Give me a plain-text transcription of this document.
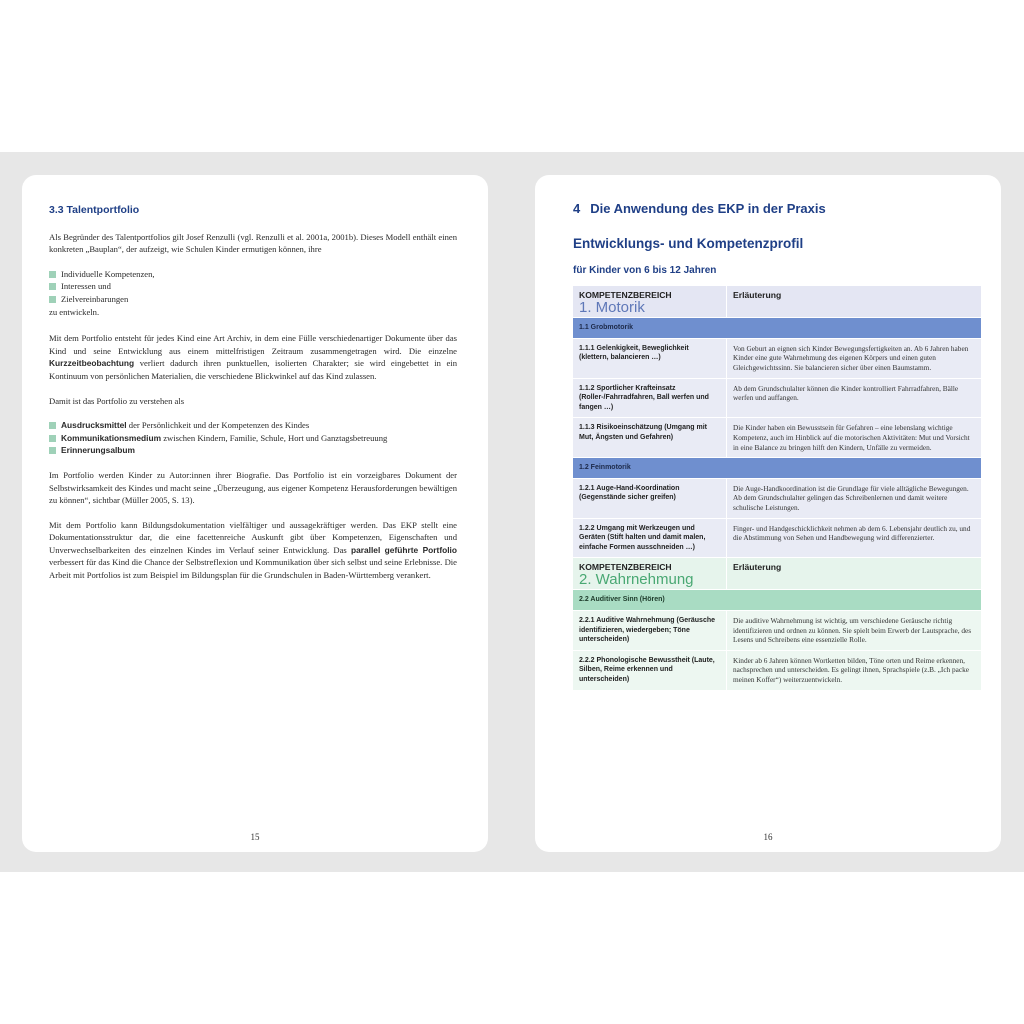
3.3 Talentportfolio

Als Begründer des Talentportfolios gilt Josef Renzulli (vgl. Renzulli et al. 2001a, 2001b). Dieses Modell enthält einen konkreten „Bauplan“, der aufzeigt, wie Schulen Kinder ermutigen können, ihre

Individuelle Kompetenzen,
Interessen und
Zielvereinbarungen
zu entwickeln.

Mit dem Portfolio entsteht für jedes Kind eine Art Archiv, in dem eine Fülle verschiedenartiger Dokumente über das Kind und seine Entwicklung aus einem mittelfristigen Zeitraum zusammengetragen wird. Die einzelne Kurzzeitbeobachtung verliert dadurch ihren punktuellen, isolierten Charakter; sie wird eingebettet in ein Kontinuum von persönlichen Materialien, die verschiedene Blickwinkel auf das Kind zulassen.

Damit ist das Portfolio zu verstehen als

Ausdrucksmittel der Persönlichkeit und der Kompetenzen des Kindes
Kommunikationsmedium zwischen Kindern, Familie, Schule, Hort und Ganztagsbetreuung
Erinnerungsalbum

Im Portfolio werden Kinder zu Autor:innen ihrer Biografie. Das Portfolio ist ein vorzeigbares Dokument der Selbstwirksamkeit des Kindes und macht seine „Überzeugung, aus eigener Kompetenz Herausforderungen bewältigen zu können“, sichtbar (Müller 2005, S. 13).

Mit dem Portfolio kann Bildungsdokumentation vielfältiger und aussagekräftiger werden. Das EKP stellt eine Dokumentationsstruktur dar, die eine facettenreiche Auskunft gibt über Kompetenzen, Eigenschaften und Unverwechselbarkeiten des einzelnen Kindes im Verlauf seiner Entwicklung. Das parallel geführte Portfolio verbessert für das Kind die Chance der Selbstreflexion und Kommunikation über sich selbst und seine Erlebnisse. Die Arbeit mit Portfolios ist zum Beispiel im Bildungsplan für die Grundschulen in Baden-Württemberg verankert.

15
4 Die Anwendung des EKP in der Praxis
Entwicklungs- und Kompetenzprofil
für Kinder von 6 bis 12 Jahren
KOMPETENZBEREICH
1. Motorik	Erläuterung
1.1 Grobmotorik	
1.1.1 Gelenkigkeit, Beweglichkeit (klettern, balancieren …)	Von Geburt an eignen sich Kinder Bewegungsfertigkeiten an. Ab 6 Jahren haben Kinder eine gute Wahrnehmung des eigenen Körpers und einen guten Gleichgewichtssinn. Sie balancieren sicher über einen Baumstamm.
1.1.2 Sportlicher Krafteinsatz (Roller-/Fahrradfahren, Ball werfen und fangen …)	Ab dem Grundschulalter können die Kinder kontrolliert Fahrradfahren, Bälle werfen und auffangen.
1.1.3 Risikoeinschätzung (Umgang mit Mut, Ängsten und Gefahren)	Die Kinder haben ein Bewusstsein für Gefahren – eine lebenslang wichtige Kompetenz, auch im Hinblick auf die motorischen Aktivitäten: Mut und Vorsicht in eine Balance zu bringen hilft den Kindern, Unfälle zu vermeiden.
1.2 Feinmotorik	
1.2.1 Auge-Hand-Koordination (Gegenstände sicher greifen)	Die Auge-Handkoordination ist die Grundlage für viele alltägliche Bewegungen. Ab dem Grundschulalter gelingen das Schreibenlernen und damit weitere schulische Leistungen.
1.2.2 Umgang mit Werkzeugen und Geräten (Stift halten und damit malen, einfache Formen ausschneiden …)	Finger- und Handgeschicklichkeit nehmen ab dem 6. Lebensjahr deutlich zu, und die Abstimmung von Sehen und Handbewegung wird differenzierter.
KOMPETENZBEREICH
2. Wahrnehmung	Erläuterung
2.2 Auditiver Sinn (Hören)	
2.2.1 Auditive Wahrnehmung (Geräusche identifizieren, wiedergeben; Töne unterscheiden)	Die auditive Wahrnehmung ist wichtig, um verschiedene Geräusche richtig identifizieren und ordnen zu können. Sie spielt beim Erwerb der Lautsprache, des Lesens und Schreibens eine essenzielle Rolle.
2.2.2 Phonologische Bewusstheit (Laute, Silben, Reime erkennen und unterscheiden)	Kinder ab 6 Jahren können Wortketten bilden, Töne orten und Reime erkennen, nachsprechen und unterscheiden. Es gelingt ihnen, Sprachspiele (z.B. „Ich packe meinen Koffer“) weiterzuentwickeln.
16
